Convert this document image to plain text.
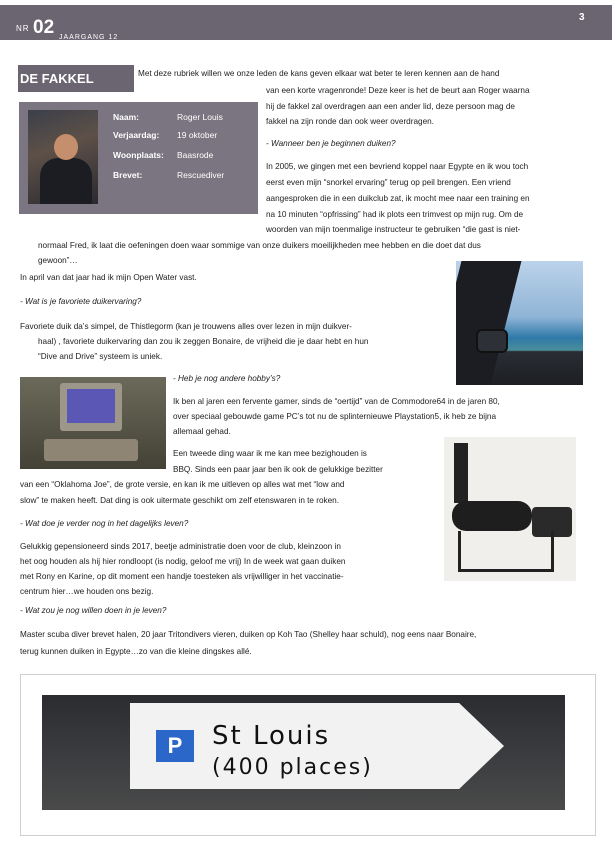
NR 02 JAARGANG 12
3
DE FAKKEL
Naam:	Roger Louis
Verjaardag: 19 oktober
Woonplaats: Baasrode
Brevet:	Rescuediver

Met deze rubriek willen we onze leden de kans geven elkaar wat beter te leren kennen aan de hand

van een korte vragenronde! Deze keer is het de beurt aan Roger waarna

hij de fakkel zal overdragen aan een ander lid, deze persoon mag de

fakkel na zijn ronde dan ook weer overdragen.

- Wanneer ben je beginnen duiken?

In 2005, we gingen met een bevriend koppel naar Egypte en ik wou toch

eerst even mijn “snorkel ervaring” terug op peil brengen. Een vriend

aangesproken die in een duikclub zat, ik mocht mee naar een training en

na 10 minuten “opfrissing” had ik plots een trimvest op mijn rug. Om de

woorden van mijn toenmalige instructeur te gebruiken “die gast is niet-

normaal Fred, ik laat die oefeningen doen waar sommige van onze duikers moeilijkheden mee hebben en die doet dat dus

gewoon”…

In april van dat jaar had ik mijn Open Water vast.

- Wat is je favoriete duikervaring?

Favoriete duik da’s simpel, de Thistlegorm (kan je trouwens alles over lezen in mijn duikver-

haal) , favoriete duikervaring dan zou ik zeggen Bonaire, de vrijheid die je daar hebt en hun

“Dive and Drive” systeem is uniek.

- Heb je nog andere hobby’s?

Ik ben al jaren een fervente gamer, sinds de “oertijd” van de Commodore64 in de jaren 80,

over speciaal gebouwde game PC’s tot nu de splinternieuwe Playstation5, ik heb ze bijna

allemaal gehad.

Een tweede ding waar ik me kan mee bezighouden is

BBQ. Sinds een paar jaar ben ik ook de gelukkige bezitter

van een “Oklahoma Joe”, de grote versie, en kan ik me uitleven op alles wat met “low and

slow” te maken heeft. Dat ding is ook uitermate geschikt om zelf etenswaren in te roken.

- Wat doe je verder nog in het dagelijks leven?

Gelukkig gepensioneerd sinds 2017, beetje administratie doen voor de club, kleinzoon in

het oog houden als hij hier rondloopt (is nodig, geloof me vrij) In de week wat gaan duiken

met Rony en Karine, op dit moment een handje toesteken als vrijwilliger in het vaccinatie-

centrum hier…we houden ons bezig.

- Wat zou je nog willen doen in je leven?

Master scuba diver brevet halen, 20 jaar Tritondivers vieren, duiken op Koh Tao (Shelley haar schuld), nog eens naar Bonaire,

terug kunnen duiken in Egypte…zo van die kleine dingskes allé.

P	St Louis
(400 places)
